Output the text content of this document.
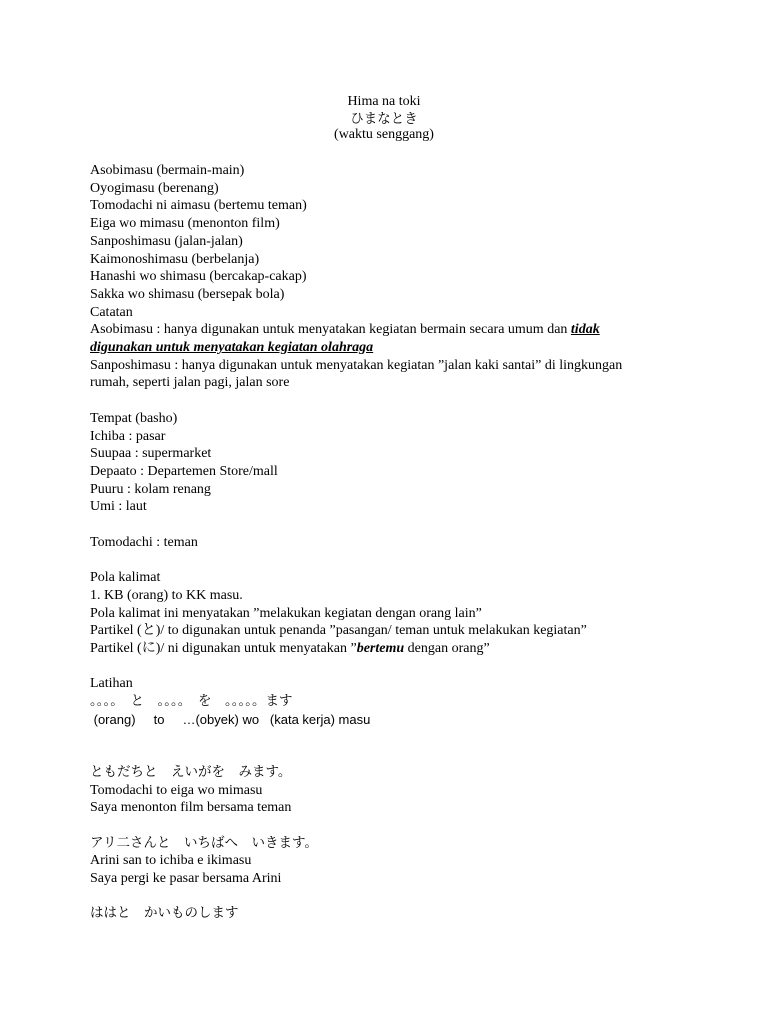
Hima na toki
ひまなとき
(waktu senggang)
Asobimasu (bermain-main)
Oyogimasu (berenang)
Tomodachi ni aimasu (bertemu teman)
Eiga wo mimasu (menonton film)
Sanposhimasu (jalan-jalan)
Kaimonoshimasu (berbelanja)
Hanashi wo shimasu (bercakap-cakap)
Sakka wo shimasu (bersepak bola)
Catatan
Asobimasu : hanya digunakan untuk menyatakan kegiatan bermain secara umum dan tidak
digunakan untuk menyatakan kegiatan olahraga
Sanposhimasu : hanya digunakan untuk menyatakan kegiatan ”jalan kaki santai” di lingkungan
rumah, seperti jalan pagi, jalan sore
Tempat (basho)
Ichiba : pasar
Suupaa : supermarket
Depaato : Departemen Store/mall
Puuru : kolam renang
Umi : laut
Tomodachi : teman
Pola kalimat
1. KB (orang) to KK masu.
Pola kalimat ini menyatakan ”melakukan kegiatan dengan orang lain”
Partikel (と)/ to digunakan untuk penanda ”pasangan/ teman untuk melakukan kegiatan”
Partikel (に)/ ni digunakan untuk menyatakan ”bertemu dengan orang”
Latihan
。。。。　と　。。。。　を　。。。。。ます
(orang)     to     …(obyek) wo   (kata kerja) masu
ともだちと　えいがを　みます。
Tomodachi to eiga wo mimasu
Saya menonton film bersama teman
アリ二さんと　いちばへ　いきます。
Arini san to ichiba e ikimasu
Saya pergi ke pasar bersama Arini
ははと　かいものします
